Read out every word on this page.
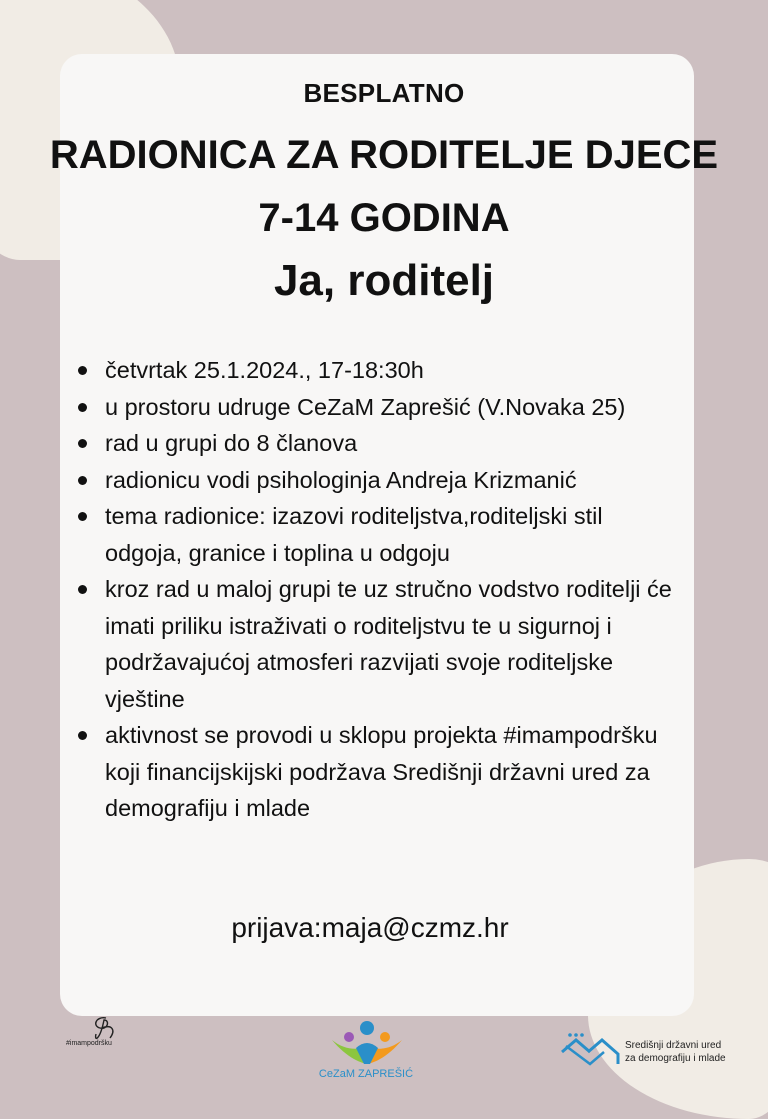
BESPLATNO
RADIONICA ZA RODITELJE DJECE
7-14 GODINA
Ja, roditelj
četvrtak 25.1.2024., 17-18:30h
u prostoru udruge CeZaM Zaprešić (V.Novaka 25)
rad u grupi do 8 članova
radionicu vodi psihologinja Andreja Krizmanić
tema radionice: izazovi roditeljstva,roditeljski stil odgoja, granice i toplina u odgoju
kroz rad u maloj grupi te uz stručno vodstvo roditelji će imati priliku istraživati o roditeljstvu te u sigurnoj i podržavajućoj atmosferi razvijati svoje roditeljske vještine
aktivnost se provodi u sklopu projekta #imampodršku koji financijskijski podržava Središnji državni ured za demografiju i mlade
prijava:maja@czmz.hr
#imampodršku
CeZaM ZAPREŠIĆ
Središnji državni ured
za demografiju i mlade
